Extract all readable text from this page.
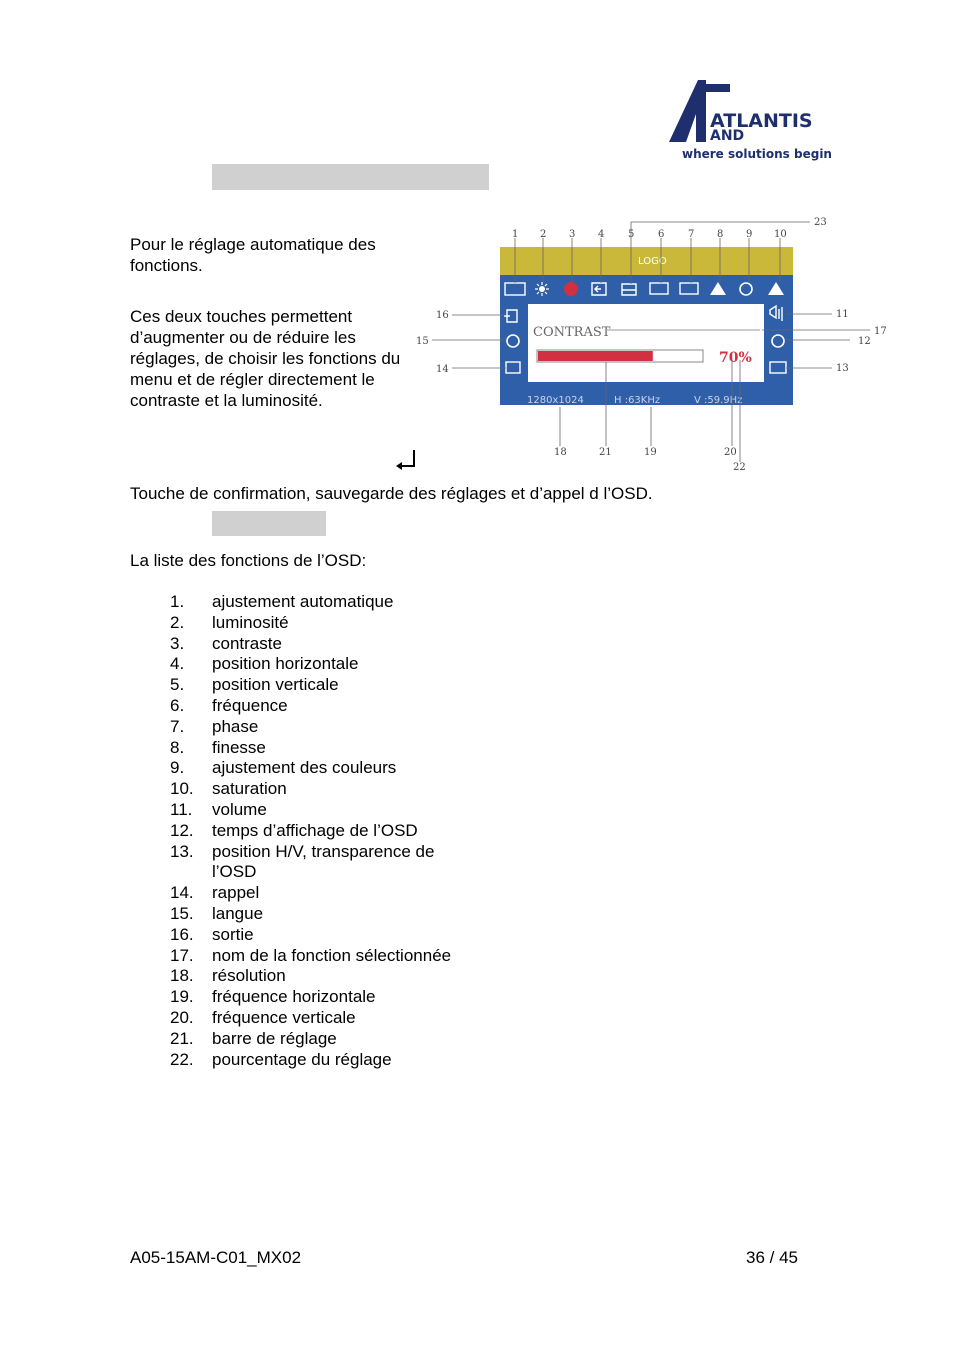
ATLANTIS
AND
where solutions begin
Pour le réglage automatique des fonctions.
Ces deux touches permettent d’augmenter ou de réduire les réglages, de choisir les fonctions du menu et de régler directement le contraste et la luminosité.
Touche de confirmation, sauvegarde des réglages et d’appel d l’OSD.
La liste des fonctions de l’OSD:
1. ajustement automatique
2. luminosité
3. contraste
4. position horizontale
5. position verticale
6. fréquence
7. phase
8. finesse
9. ajustement des couleurs
10. saturation
11. volume
12. temps d’affichage de l’OSD
13. position H/V, transparence de l’OSD
14. rappel
15. langue
16. sortie
17. nom de la fonction sélectionnée
18. résolution
19. fréquence horizontale
20. fréquence verticale
21. barre de réglage
22. pourcentage du réglage
LOGO
CONTRAST
70%
1280x1024	H :63KHz	V :59.9Hz
1 2 3 4 5 6 7 8 9 10
11
12
13
14
15
16
17
18	19	20
21
22
23
A05-15AM-C01_MX02	36 / 45
